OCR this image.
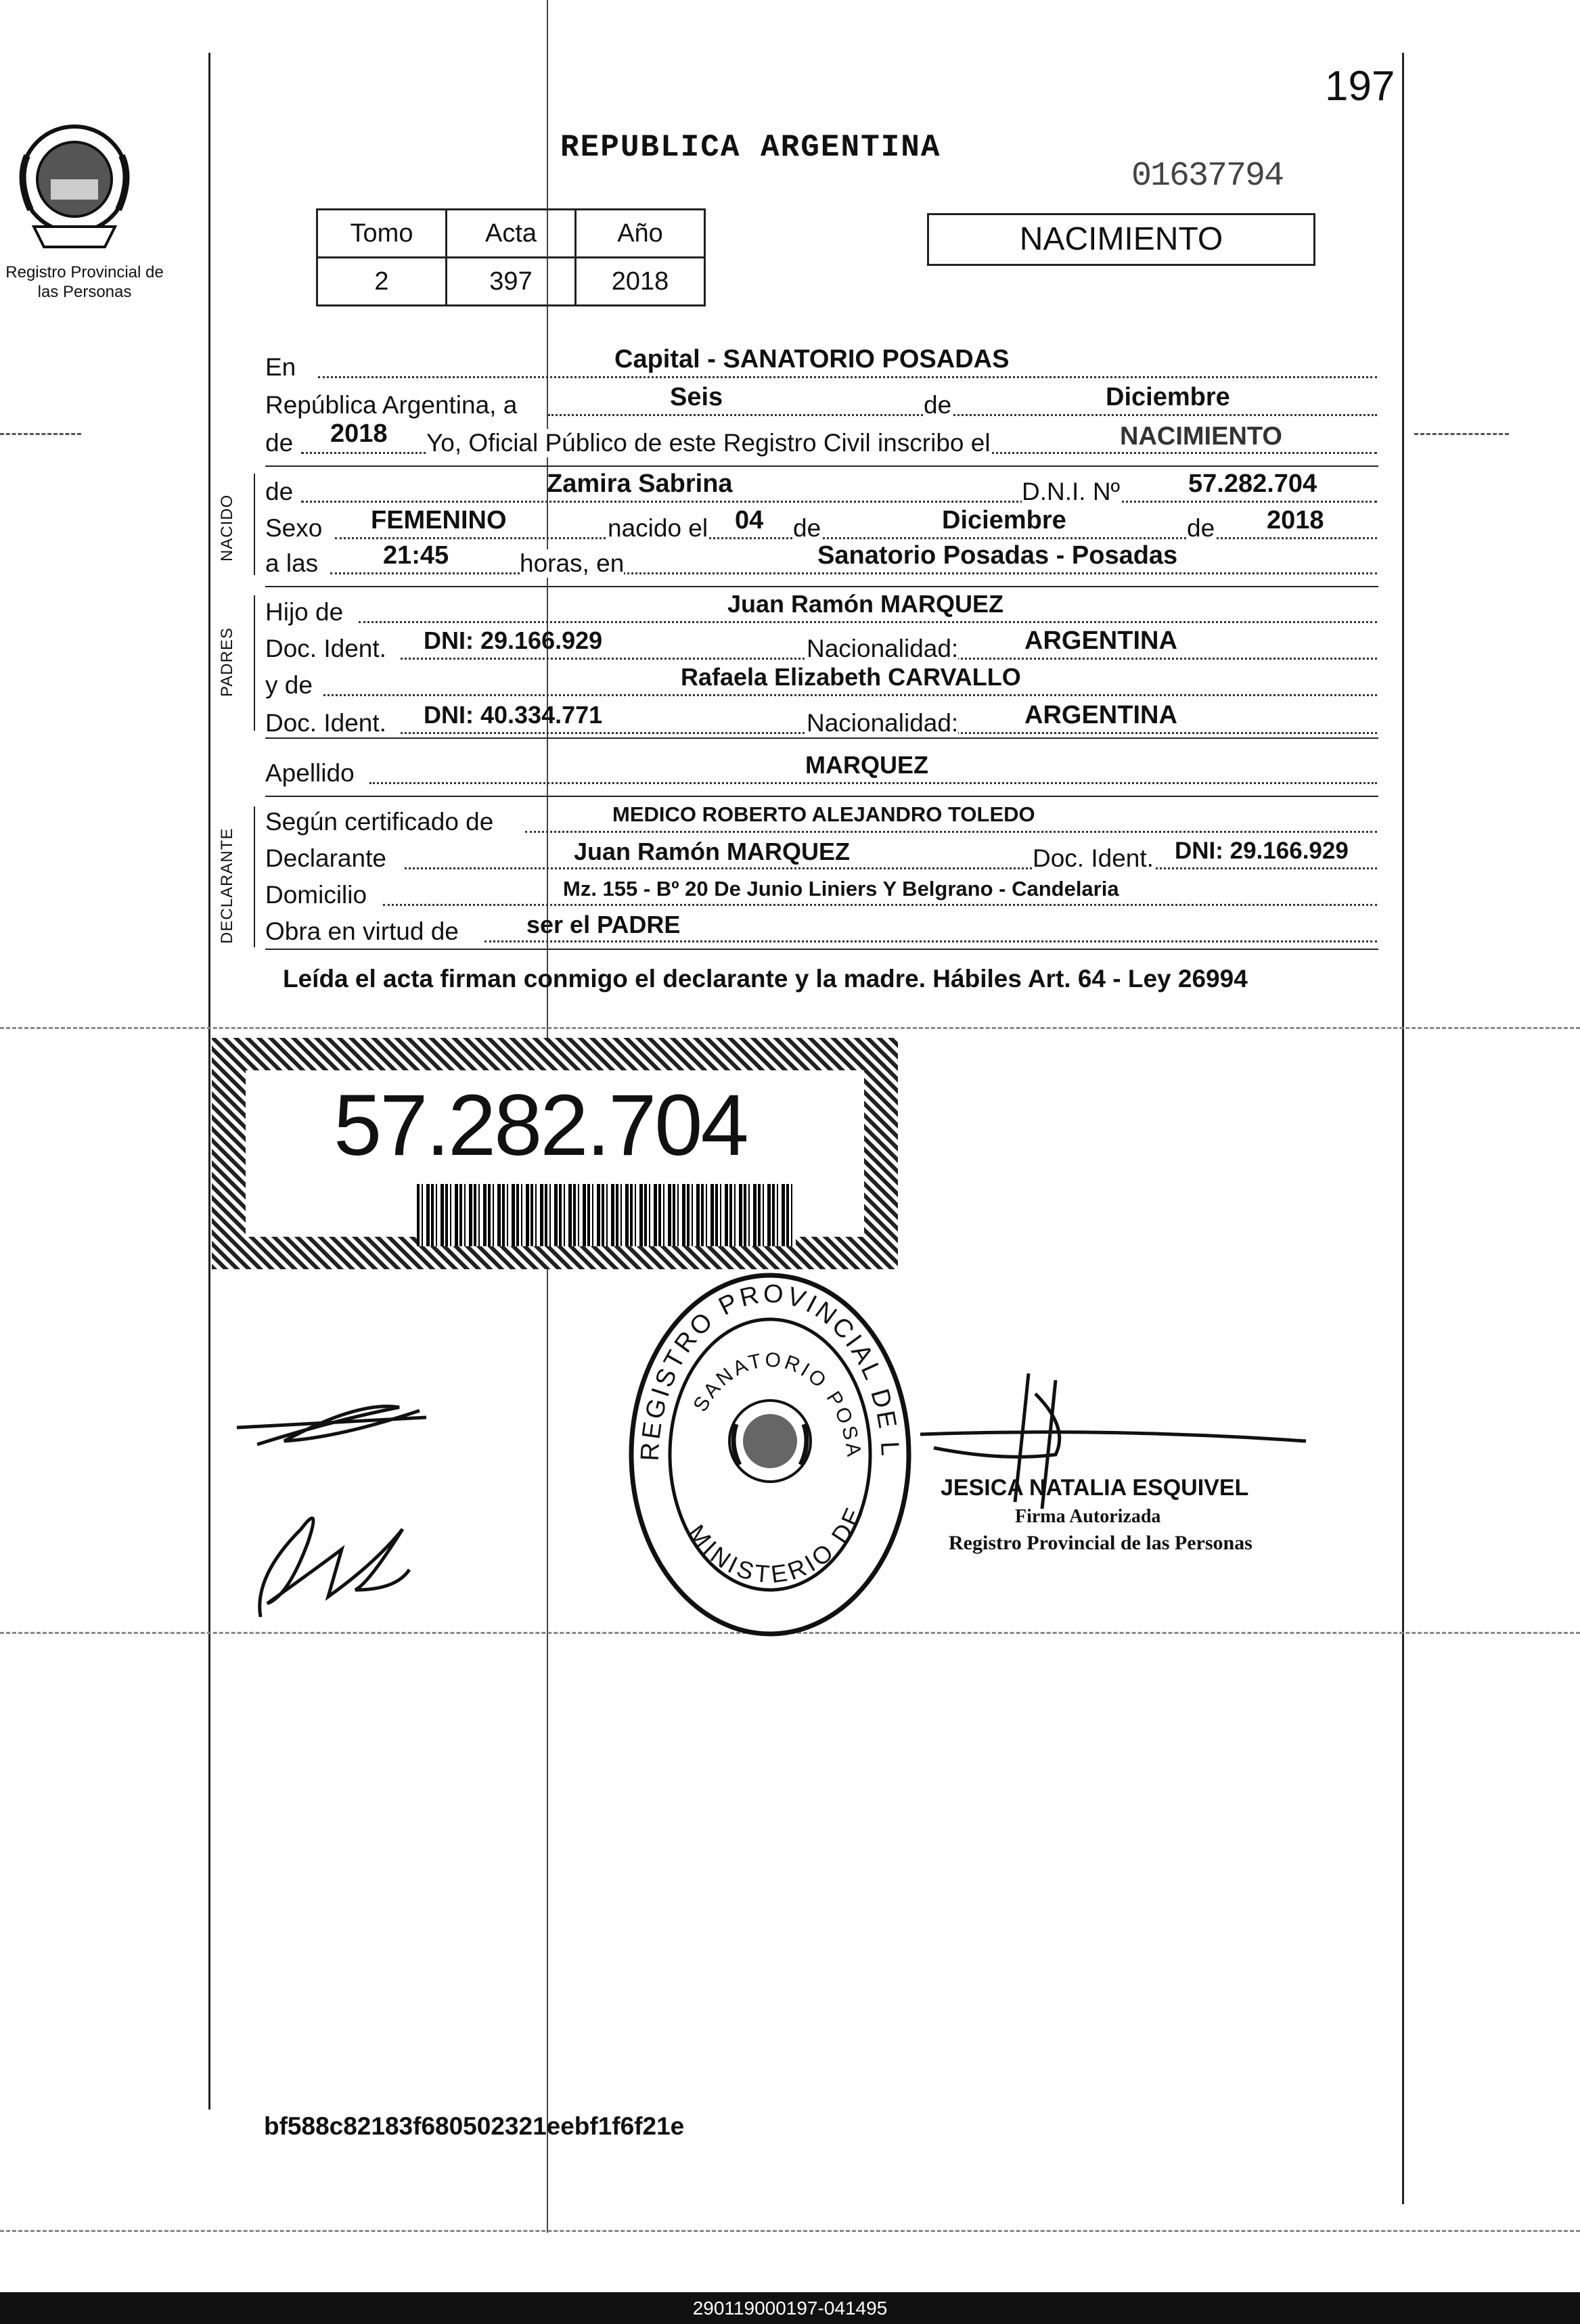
Registro Provincial de las Personas
197
REPUBLICA ARGENTINA
01637794
NACIMIENTO
Tomo	Acta	Año
2	397	2018
En	Capital - SANATORIO POSADAS
República Argentina, a	Seis	de	Diciembre
de 2018 Yo, Oficial Público de este Registro Civil inscribo el	NACIMIENTO
NACIDO
de	Zamira Sabrina	D.N.I. Nº	57.282.704
Sexo FEMENINO	nacido el 04 de	Diciembre	de 2018
a las	21:45	horas, en	Sanatorio Posadas - Posadas
PADRES
Hijo de	Juan Ramón MARQUEZ
Doc. Ident. DNI: 29.166.929	Nacionalidad:	ARGENTINA
y de	Rafaela Elizabeth CARVALLO
Doc. Ident. DNI: 40.334.771	Nacionalidad:	ARGENTINA
Apellido	MARQUEZ
DECLARANTE
Según certificado de	MEDICO ROBERTO ALEJANDRO TOLEDO
Declarante	Juan Ramón MARQUEZ	Doc. Ident. DNI: 29.166.929
Domicilio	Mz. 155 - Bº 20 De Junio Liniers Y Belgrano - Candelaria
Obra en virtud de	ser el PADRE
Leída el acta firman conmigo el declarante y la madre. Hábiles Art. 64 - Ley 26994
57.282.704
REGISTRO PROVINCIAL DE L
MINISTERIO DE
SANATORIO POSA
JESICA NATALIA ESQUIVEL
Firma Autorizada
Registro Provincial de las Personas
bf588c82183f680502321eebf1f6f21e
290119000197-041495
